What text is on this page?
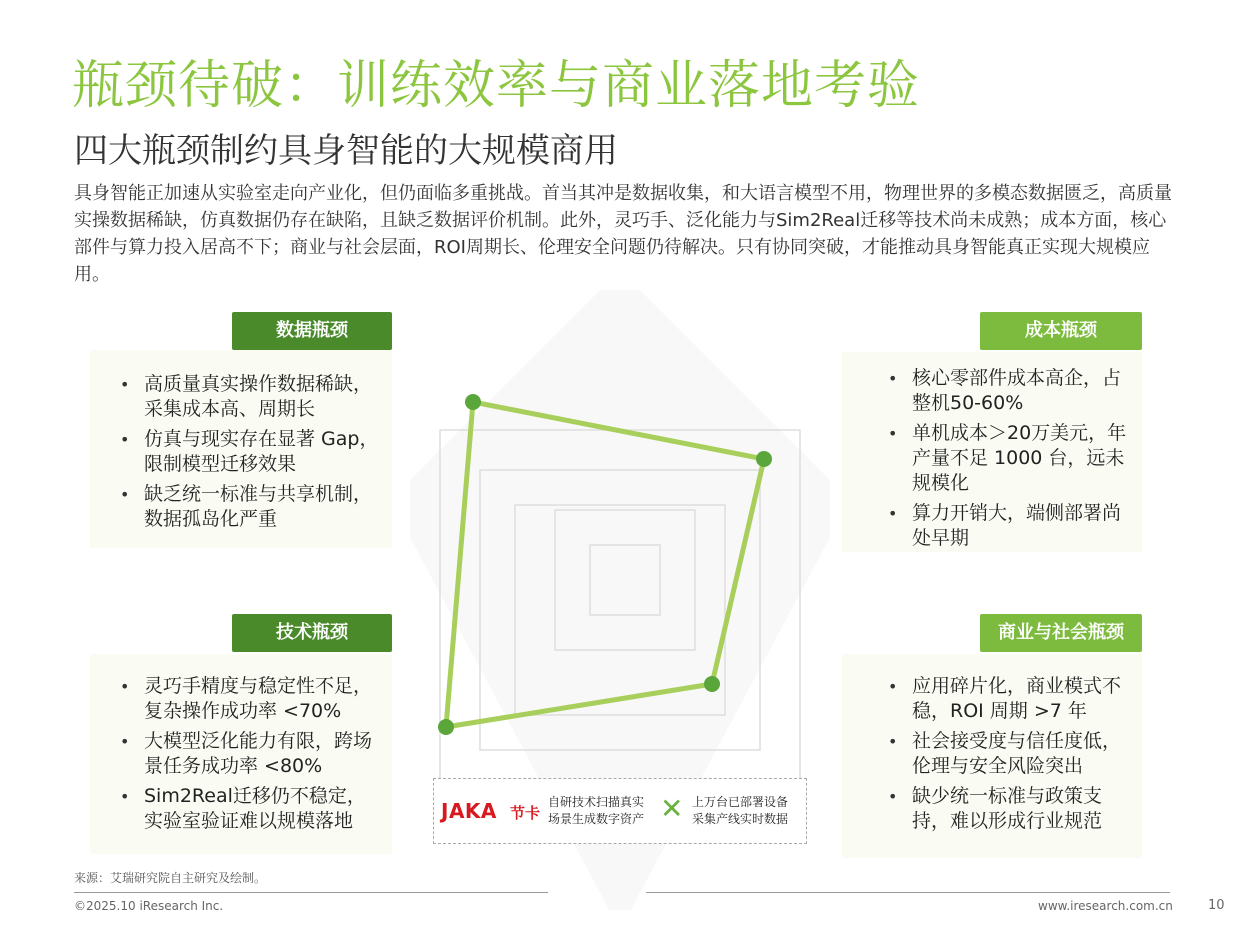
瓶颈待破：训练效率与商业落地考验
四大瓶颈制约具身智能的大规模商用

具身智能正加速从实验室走向产业化，但仍面临多重挑战。首当其冲是数据收集，和大语言模型不用，物理世界的多模态数据匮乏，高质量实操数据稀缺，仿真数据仍存在缺陷，且缺乏数据评价机制。此外，灵巧手、泛化能力与Sim2Real迁移等技术尚未成熟；成本方面，核心部件与算力投入居高不下；商业与社会层面，ROI周期长、伦理安全问题仍待解决。只有协同突破，才能推动具身智能真正实现大规模应用。

• 高质量真实操作数据稀缺，采集成本高、周期长
• 仿真与现实存在显著 Gap，限制模型迁移效果
• 缺乏统一标准与共享机制，数据孤岛化严重
数据瓶颈
• 核心零部件成本高企，占整机50-60%
• 单机成本＞20万美元，年产量不足 1000 台，远未规模化
• 算力开销大，端侧部署尚处早期
成本瓶颈
• 灵巧手精度与稳定性不足，复杂操作成功率 <70%
• 大模型泛化能力有限，跨场景任务成功率 <80%
• Sim2Real迁移仍不稳定，实验室验证难以规模落地
技术瓶颈
• 应用碎片化，商业模式不稳，ROI 周期 >7 年
• 社会接受度与信任度低，伦理与安全风险突出
• 缺少统一标准与政策支持，难以形成行业规范
商业与社会瓶颈
JAKA 节卡
自研技术扫描真实
场景生成数字资产 ✕ 上万台已部署设备
采集产线实时数据
来源：艾瑞研究院自主研究及绘制。
©2025.10 iResearch Inc.	www.iresearch.com.cn	10
